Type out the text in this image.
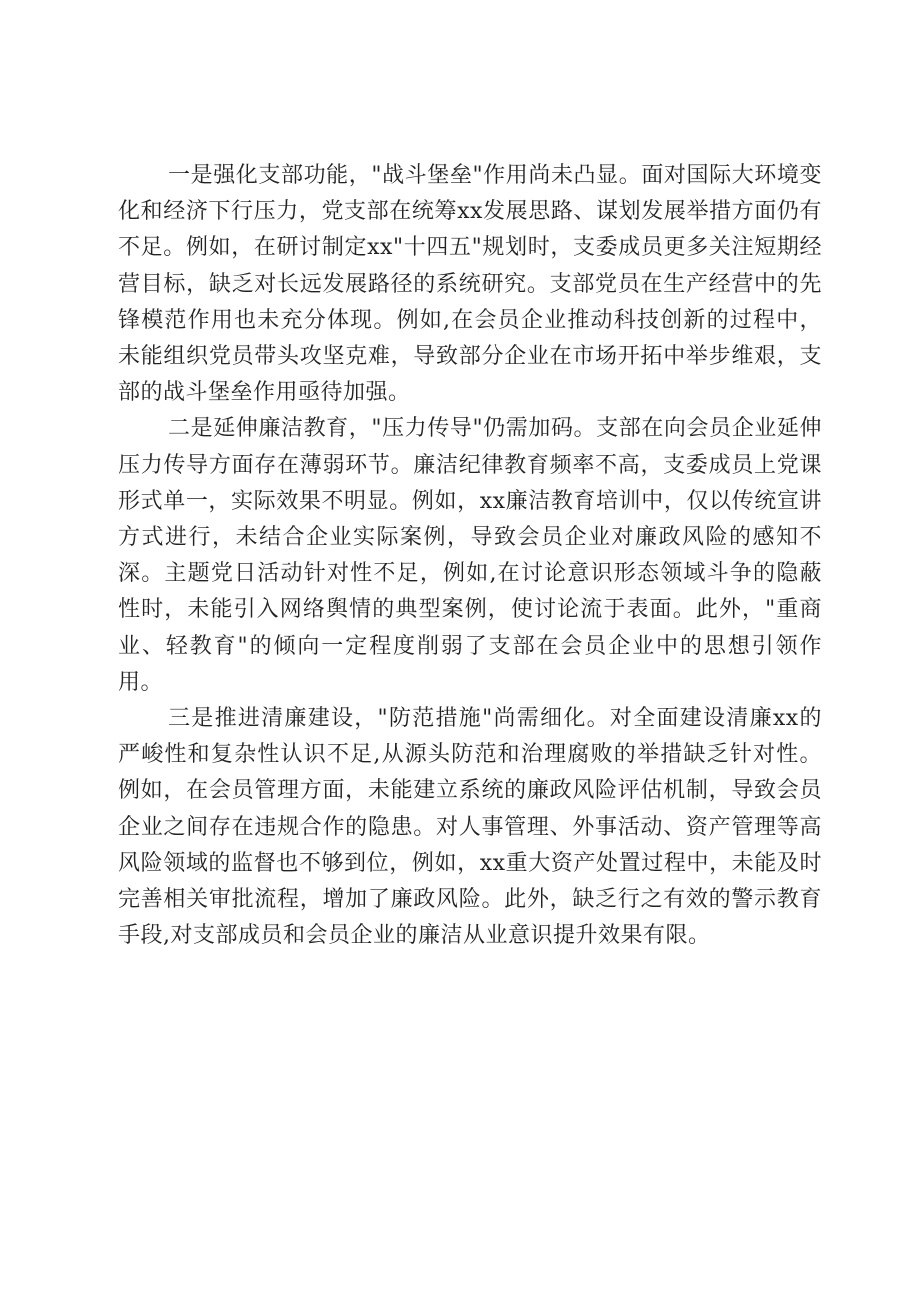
一是强化支部功能，"战斗堡垒"作用尚未凸显。面对国际大环境变化和经济下行压力，党支部在统筹xx发展思路、谋划发展举措方面仍有不足。例如，在研讨制定xx"十四五"规划时，支委成员更多关注短期经营目标，缺乏对长远发展路径的系统研究。支部党员在生产经营中的先锋模范作用也未充分体现。例如,在会员企业推动科技创新的过程中，未能组织党员带头攻坚克难，导致部分企业在市场开拓中举步维艰，支部的战斗堡垒作用亟待加强。

二是延伸廉洁教育，"压力传导"仍需加码。支部在向会员企业延伸压力传导方面存在薄弱环节。廉洁纪律教育频率不高，支委成员上党课形式单一，实际效果不明显。例如，xx廉洁教育培训中，仅以传统宣讲方式进行，未结合企业实际案例，导致会员企业对廉政风险的感知不深。主题党日活动针对性不足，例如,在讨论意识形态领域斗争的隐蔽性时，未能引入网络舆情的典型案例，使讨论流于表面。此外，"重商业、轻教育"的倾向一定程度削弱了支部在会员企业中的思想引领作用。

三是推进清廉建设，"防范措施"尚需细化。对全面建设清廉xx的严峻性和复杂性认识不足,从源头防范和治理腐败的举措缺乏针对性。例如，在会员管理方面，未能建立系统的廉政风险评估机制，导致会员企业之间存在违规合作的隐患。对人事管理、外事活动、资产管理等高风险领域的监督也不够到位，例如，xx重大资产处置过程中，未能及时完善相关审批流程，增加了廉政风险。此外，缺乏行之有效的警示教育手段,对支部成员和会员企业的廉洁从业意识提升效果有限。
